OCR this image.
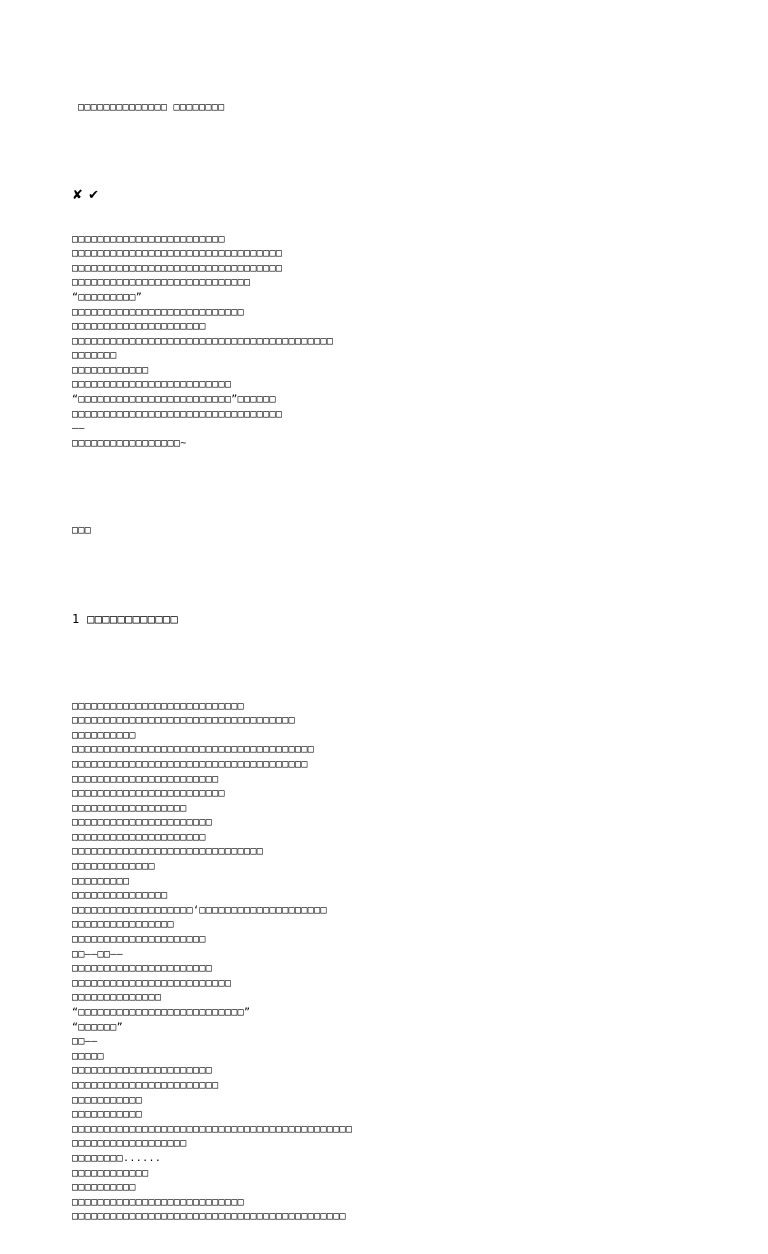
□□□□□□□□□□□□□□ □□□□□□□□

✘ ✔

□□□□□□□□□□□□□□□□□□□□□□□□
□□□□□□□□□□□□□□□□□□□□□□□□□□□□□□□□□
□□□□□□□□□□□□□□□□□□□□□□□□□□□□□□□□□
□□□□□□□□□□□□□□□□□□□□□□□□□□□□
“□□□□□□□□□”
□□□□□□□□□□□□□□□□□□□□□□□□□□□
□□□□□□□□□□□□□□□□□□□□□
□□□□□□□□□□□□□□□□□□□□□□□□□□□□□□□□□□□□□□□□□
□□□□□□□
□□□□□□□□□□□□
□□□□□□□□□□□□□□□□□□□□□□□□□
“□□□□□□□□□□□□□□□□□□□□□□□□”□□□□□□
□□□□□□□□□□□□□□□□□□□□□□□□□□□□□□□□□
——
□□□□□□□□□□□□□□□□□~

□□□

1 □□□□□□□□□□□□

□□□□□□□□□□□□□□□□□□□□□□□□□□□
□□□□□□□□□□□□□□□□□□□□□□□□□□□□□□□□□□□
□□□□□□□□□□
□□□□□□□□□□□□□□□□□□□□□□□□□□□□□□□□□□□□□□
□□□□□□□□□□□□□□□□□□□□□□□□□□□□□□□□□□□□□
□□□□□□□□□□□□□□□□□□□□□□□
□□□□□□□□□□□□□□□□□□□□□□□□
□□□□□□□□□□□□□□□□□□
□□□□□□□□□□□□□□□□□□□□□□
□□□□□□□□□□□□□□□□□□□□□
□□□□□□□□□□□□□□□□□□□□□□□□□□□□□□
□□□□□□□□□□□□□
□□□□□□□□□
□□□□□□□□□□□□□□□
□□□□□□□□□□□□□□□□□□□‘□□□□□□□□□□□□□□□□□□□□
□□□□□□□□□□□□□□□□
□□□□□□□□□□□□□□□□□□□□□
□□——□□——
□□□□□□□□□□□□□□□□□□□□□□
□□□□□□□□□□□□□□□□□□□□□□□□□
□□□□□□□□□□□□□□
“□□□□□□□□□□□□□□□□□□□□□□□□□□”
“□□□□□□”
□□——
□□□□□
□□□□□□□□□□□□□□□□□□□□□□
□□□□□□□□□□□□□□□□□□□□□□□
□□□□□□□□□□□
□□□□□□□□□□□
□□□□□□□□□□□□□□□□□□□□□□□□□□□□□□□□□□□□□□□□□□□□
□□□□□□□□□□□□□□□□□□
□□□□□□□□......
□□□□□□□□□□□□
□□□□□□□□□□
□□□□□□□□□□□□□□□□□□□□□□□□□□□
□□□□□□□□□□□□□□□□□□□□□□□□□□□□□□□□□□□□□□□□□□□
